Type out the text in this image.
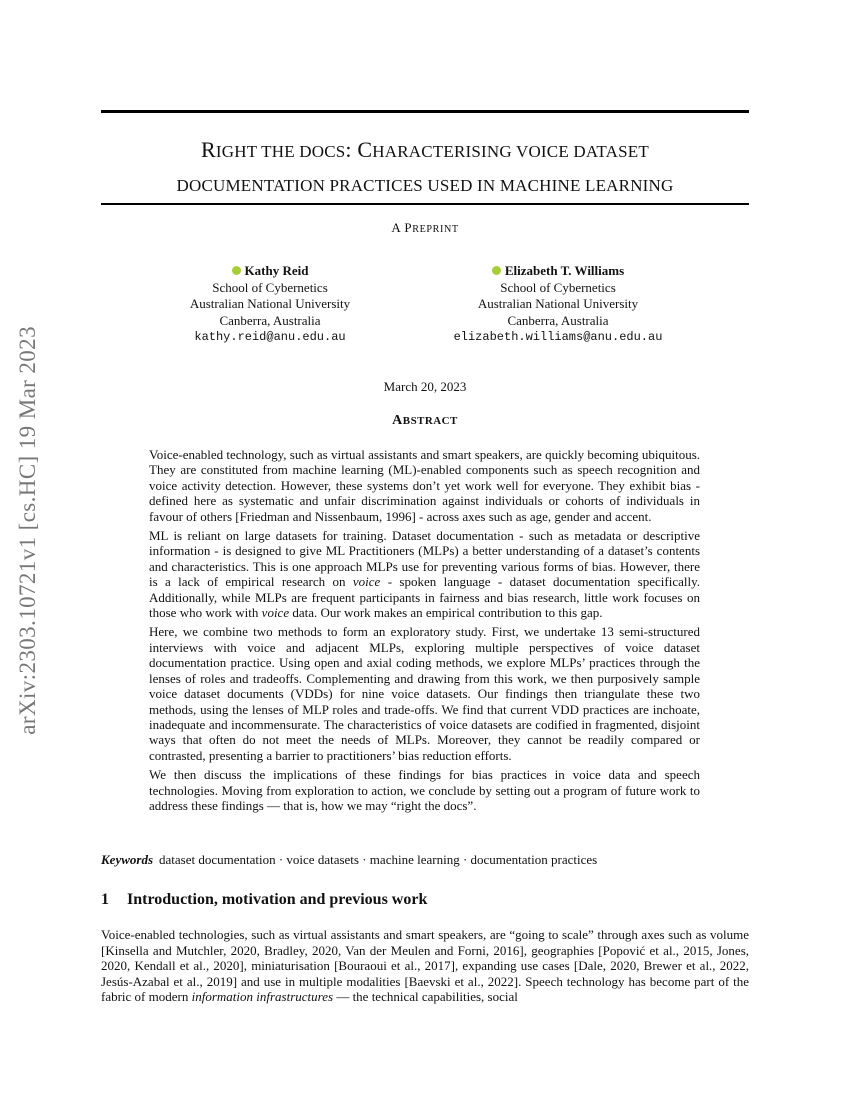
arXiv:2303.10721v1 [cs.HC] 19 Mar 2023
RIGHT THE DOCS: CHARACTERISING VOICE DATASET
DOCUMENTATION PRACTICES USED IN MACHINE LEARNING
A PREPRINT
Kathy Reid
School of Cybernetics
Australian National University
Canberra, Australia
kathy.reid@anu.edu.au
Elizabeth T. Williams
School of Cybernetics
Australian National University
Canberra, Australia
elizabeth.williams@anu.edu.au
March 20, 2023
ABSTRACT

Voice-enabled technology, such as virtual assistants and smart speakers, are quickly becoming ubiquitous. They are constituted from machine learning (ML)-enabled components such as speech recognition and voice activity detection. However, these systems don’t yet work well for everyone. They exhibit bias - defined here as systematic and unfair discrimination against individuals or cohorts of individuals in favour of others [Friedman and Nissenbaum, 1996] - across axes such as age, gender and accent.

ML is reliant on large datasets for training. Dataset documentation - such as metadata or descriptive information - is designed to give ML Practitioners (MLPs) a better understanding of a dataset’s contents and characteristics. This is one approach MLPs use for preventing various forms of bias. However, there is a lack of empirical research on voice - spoken language - dataset documentation specifically. Additionally, while MLPs are frequent participants in fairness and bias research, little work focuses on those who work with voice data. Our work makes an empirical contribution to this gap.

Here, we combine two methods to form an exploratory study. First, we undertake 13 semi-structured interviews with voice and adjacent MLPs, exploring multiple perspectives of voice dataset documentation practice. Using open and axial coding methods, we explore MLPs’ practices through the lenses of roles and tradeoffs. Complementing and drawing from this work, we then purposively sample voice dataset documents (VDDs) for nine voice datasets. Our findings then triangulate these two methods, using the lenses of MLP roles and trade-offs. We find that current VDD practices are inchoate, inadequate and incommensurate. The characteristics of voice datasets are codified in fragmented, disjoint ways that often do not meet the needs of MLPs. Moreover, they cannot be readily compared or contrasted, presenting a barrier to practitioners’ bias reduction efforts.

We then discuss the implications of these findings for bias practices in voice data and speech technologies. Moving from exploration to action, we conclude by setting out a program of future work to address these findings — that is, how we may “right the docs”.

Keywords dataset documentation · voice datasets · machine learning · documentation practices
1 Introduction, motivation and previous work

Voice-enabled technologies, such as virtual assistants and smart speakers, are “going to scale” through axes such as volume [Kinsella and Mutchler, 2020, Bradley, 2020, Van der Meulen and Forni, 2016], geographies [Popović et al., 2015, Jones, 2020, Kendall et al., 2020], miniaturisation [Bouraoui et al., 2017], expanding use cases [Dale, 2020, Brewer et al., 2022, Jesús-Azabal et al., 2019] and use in multiple modalities [Baevski et al., 2022]. Speech technology has become part of the fabric of modern information infrastructures — the technical capabilities, social
